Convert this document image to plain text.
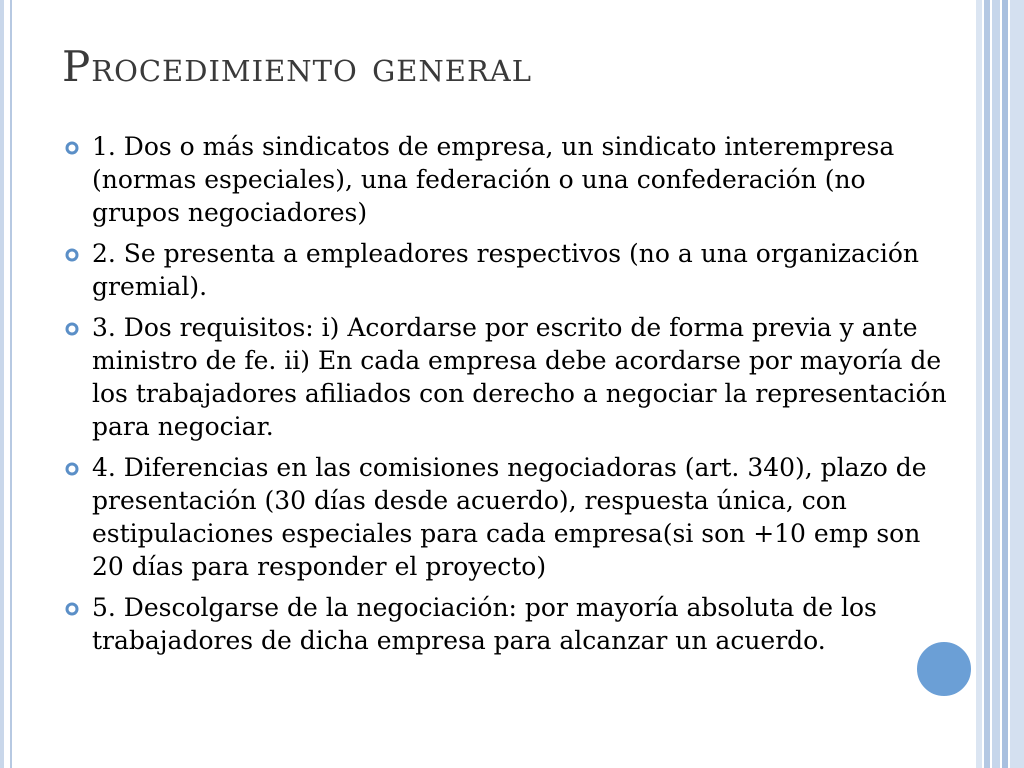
Procedimiento general
1. Dos o más sindicatos de empresa, un sindicato interempresa (normas especiales), una federación o una confederación (no grupos negociadores)
2. Se presenta a empleadores respectivos (no a una organización gremial).
3. Dos requisitos: i) Acordarse por escrito de forma previa y ante ministro de fe. ii) En cada empresa debe acordarse por mayoría de los trabajadores afiliados con derecho a negociar la representación para negociar.
4. Diferencias en las comisiones negociadoras (art. 340), plazo de presentación (30 días desde acuerdo), respuesta única, con estipulaciones especiales para cada empresa(si son +10 emp son 20 días para responder el proyecto)
5. Descolgarse de la negociación: por mayoría absoluta de los trabajadores de dicha empresa para alcanzar un acuerdo.
